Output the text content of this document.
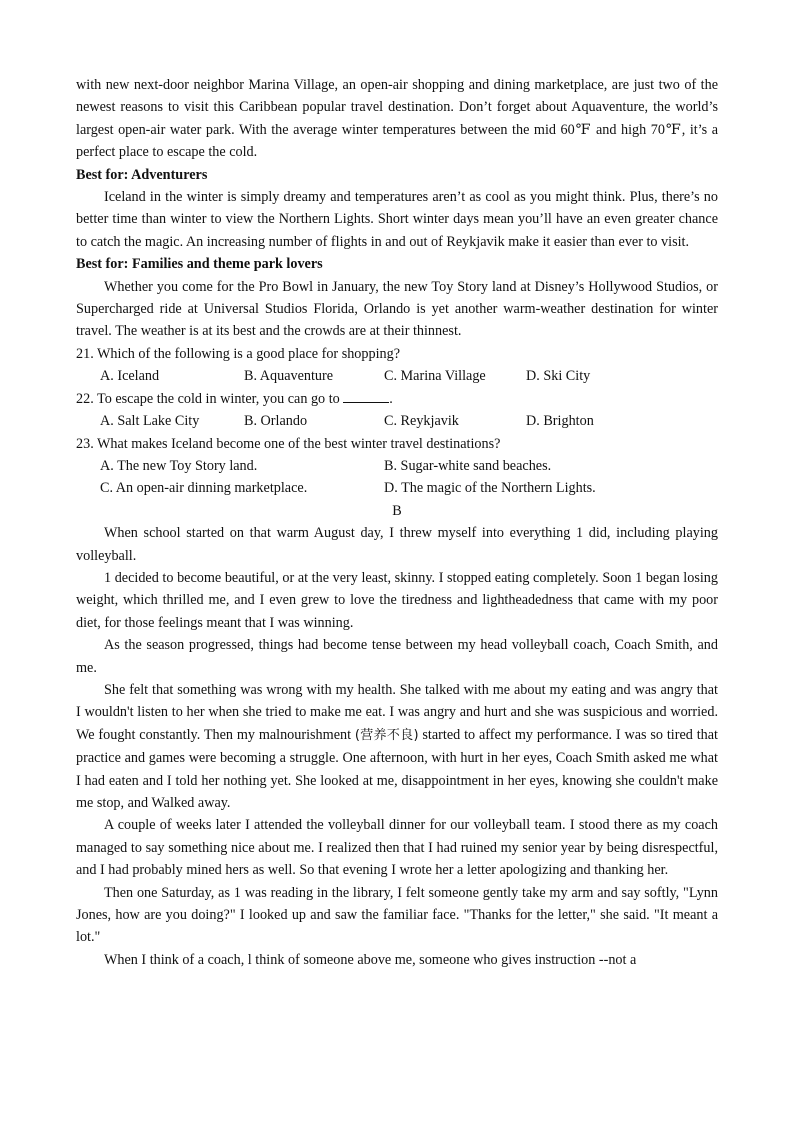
with new next-door neighbor Marina Village, an open-air shopping and dining marketplace, are just two of the newest reasons to visit this Caribbean popular travel destination. Don’t forget about Aquaventure, the world’s largest open-air water park. With the average winter temperatures between the mid 60℉ and high 70℉, it’s a perfect place to escape the cold.

Best for: Adventurers

Iceland in the winter is simply dreamy and temperatures aren’t as cool as you might think. Plus, there’s no better time than winter to view the Northern Lights. Short winter days mean you’ll have an even greater chance to catch the magic. An increasing number of flights in and out of Reykjavik make it easier than ever to visit.

Best for: Families and theme park lovers

Whether you come for the Pro Bowl in January, the new Toy Story land at Disney’s Hollywood Studios, or Supercharged ride at Universal Studios Florida, Orlando is yet another warm-weather destination for winter travel. The weather is at its best and the crowds are at their thinnest.

21. Which of the following is a good place for shopping?

A. Iceland	B. Aquaventure	C. Marina Village	D. Ski City

22. To escape the cold in winter, you can go to	.

A. Salt Lake City	B. Orlando	C. Reykjavik	D. Brighton

23. What makes Iceland become one of the best winter travel destinations?

A. The new Toy Story land.	B. Sugar-white sand beaches.
C. An open-air dinning marketplace.	D. The magic of the Northern Lights.

B

When school started on that warm August day, I threw myself into everything 1 did, including playing volleyball.

1 decided to become beautiful, or at the very least, skinny. I stopped eating completely. Soon 1 began losing weight, which thrilled me, and I even grew to love the tiredness and lightheadedness that came with my poor diet, for those feelings meant that I was winning.

As the season progressed, things had become tense between my head volleyball coach, Coach Smith, and me.

She felt that something was wrong with my health. She talked with me about my eating and was angry that I wouldn't listen to her when she tried to make me eat. I was angry and hurt and she was suspicious and worried. We fought constantly. Then my malnourishment (营养不良) started to affect my performance. I was so tired that practice and games were becoming a struggle. One afternoon, with hurt in her eyes, Coach Smith asked me what I had eaten and I told her nothing yet. She looked at me, disappointment in her eyes, knowing she couldn't make me stop, and Walked away.

A couple of weeks later I attended the volleyball dinner for our volleyball team. I stood there as my coach managed to say something nice about me. I realized then that I had ruined my senior year by being disrespectful, and I had probably mined hers as well. So that evening I wrote her a letter apologizing and thanking her.

Then one Saturday, as 1 was reading in the library, I felt someone gently take my arm and say softly, "Lynn Jones, how are you doing?" I looked up and saw the familiar face. "Thanks for the letter," she said. "It meant a lot."

When I think of a coach, l think of someone above me, someone who gives instruction --not a
